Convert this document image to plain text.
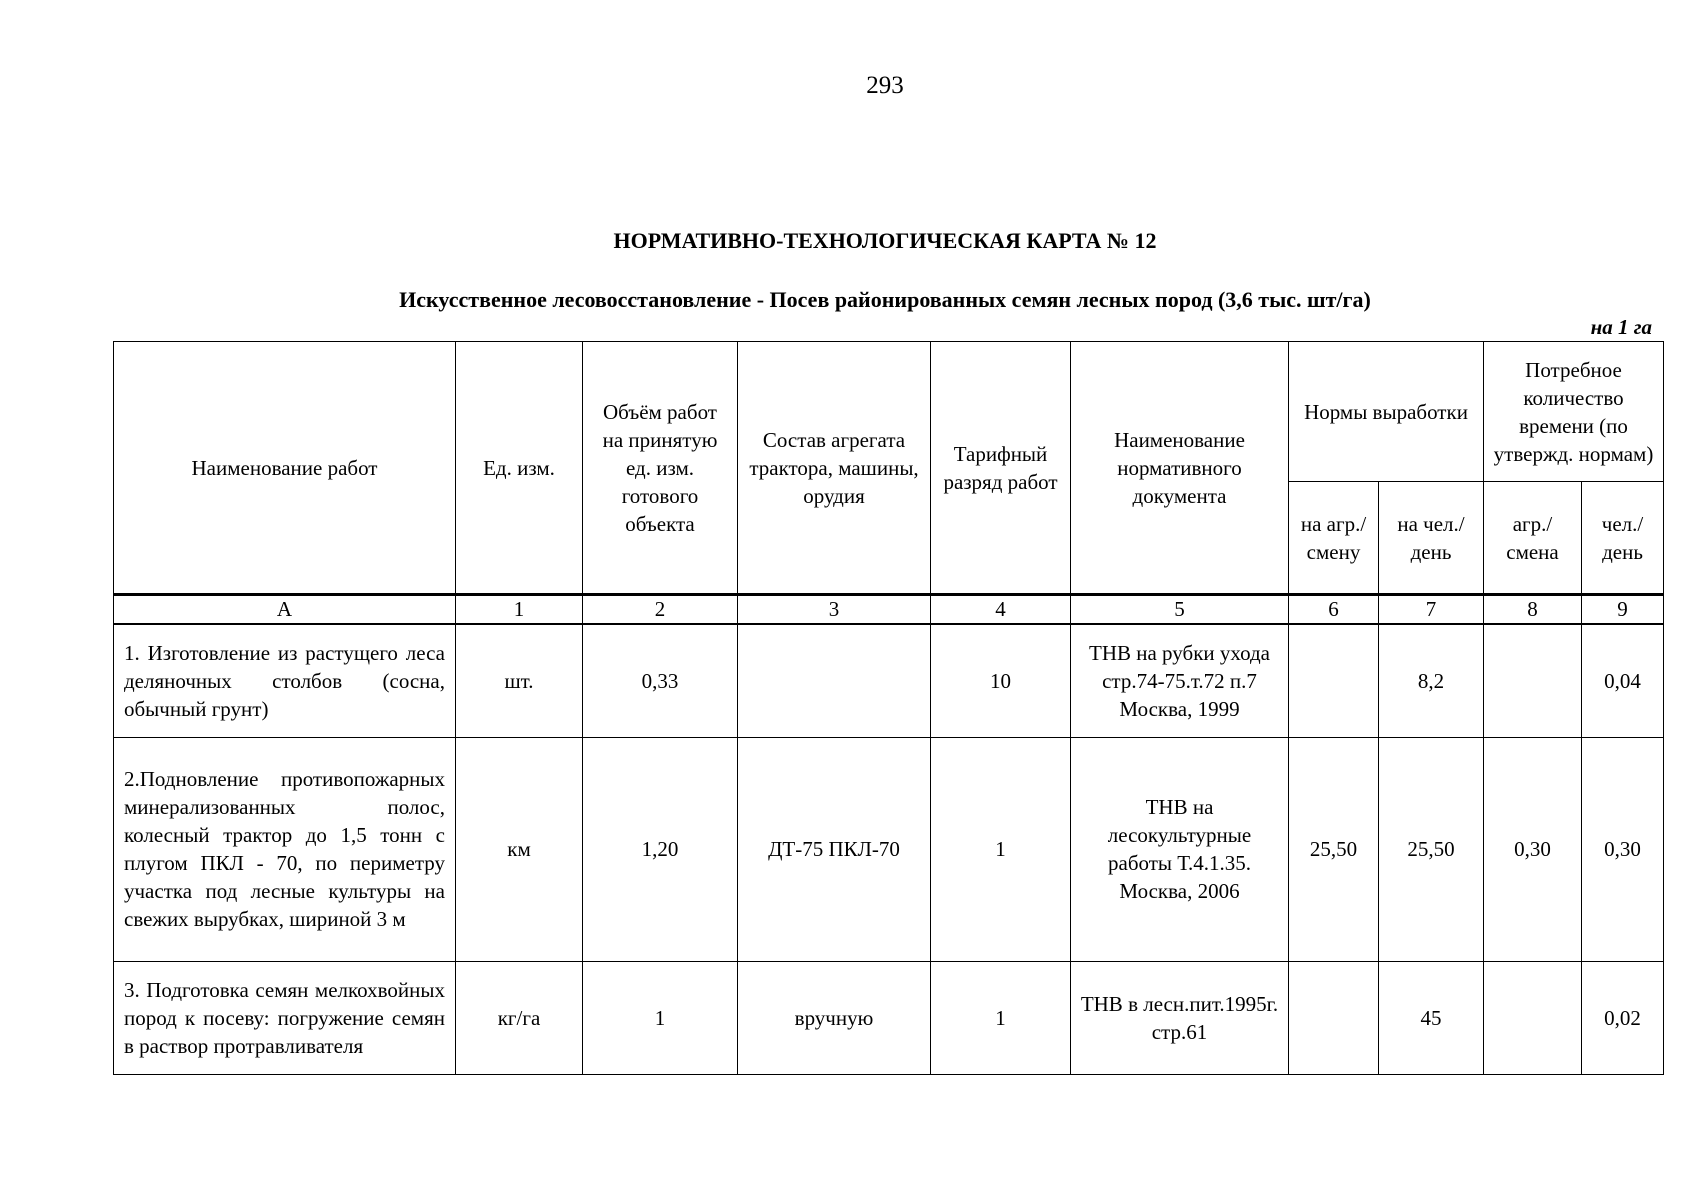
293
НОРМАТИВНО-ТЕХНОЛОГИЧЕСКАЯ КАРТА № 12
Искусственное лесовосстановление - Посев районированных семян лесных пород (3,6 тыс. шт/га)
на 1 га
Наименование работ	Ед. изм.	Объём работ на принятую ед. изм. готового объекта	Состав агрегата трактора, машины, орудия	Тарифный разряд работ	Наименование нормативного документа	Нормы выработки		Потребное количество времени (по утвержд. нормам)	
						на агр./ смену	на чел./ день	агр./ смена	чел./ день
А	1	2	3	4	5	6	7	8	9
1. Изготовление из растущего леса деляночных столбов (сосна, обычный грунт)	шт.	0,33		10	ТНВ на рубки ухода стр.74-75.т.72 п.7 Москва, 1999		8,2		0,04
2.Подновление противопожарных минерализованных полос, колесный трактор до 1,5 тонн с плугом ПКЛ - 70, по периметру участка под лесные культуры на свежих вырубках, шириной 3 м	км	1,20	ДТ-75 ПКЛ-70	1	ТНВ на лесокультурные работы Т.4.1.35. Москва, 2006	25,50	25,50	0,30	0,30

3. Подготовка семян мелкохвойных пород к посеву: погружение семян в раствор протравливателя	кг/га	1	вручную	1	ТНВ в лесн.пит.1995г. стр.61		45		0,02
